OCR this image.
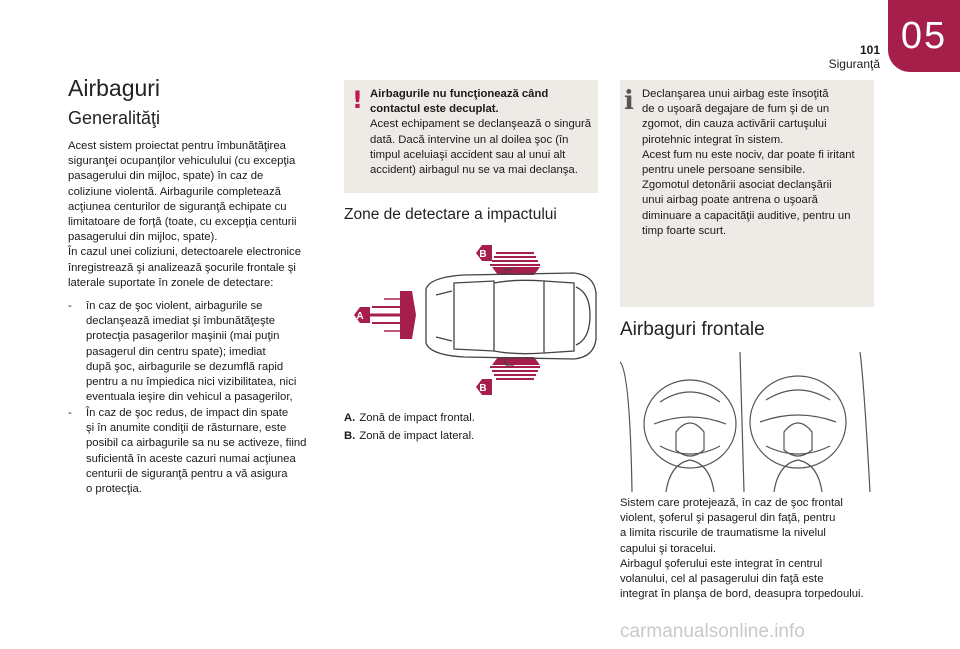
101
Siguranţă
05
Airbaguri
Generalităţi
Acest sistem proiectat pentru îmbunătăţirea
siguranţei ocupanţilor vehiculului (cu excepţia
pasagerului din mijloc, spate) în caz de
coliziune violentă. Airbagurile completează
acţiunea centurilor de siguranţă echipate cu
limitatoare de forţă (toate, cu excepţia centurii
pasagerului din mijloc, spate).
În cazul unei coliziuni, detectoarele electronice
înregistrează şi analizează şocurile frontale şi
laterale suportate în zonele de detectare:
- în caz de şoc violent, airbagurile se
declanşează imediat şi îmbunătăţeşte
protecţia pasagerilor maşinii (mai puţin
pasagerul din centru spate); imediat
după şoc, airbagurile se dezumflă rapid
pentru a nu împiedica nici vizibilitatea, nici
eventuala ieşire din vehicul a pasagerilor,
- În caz de şoc redus, de impact din spate
şi în anumite condiţii de răsturnare, este
posibil ca airbagurile sa nu se activeze, fiind
suficientă în aceste cazuri numai acţiunea
centurii de siguranţă pentru a vă asigura
o protecţia.
! Airbagurile nu funcţionează când
contactul este decuplat.
Acest echipament se declanşează o singură
dată. Dacă intervine un al doilea şoc (în
timpul aceluiaşi accident sau al unui alt
accident) airbagul nu se va mai declanşa.
Zone de detectare a impactului
A
B
B
A. Zonă de impact frontal.
B. Zonă de impact lateral.
i Declanşarea unui airbag este însoţită
de o uşoară degajare de fum şi de un
zgomot, din cauza activării cartuşului
pirotehnic integrat în sistem.
Acest fum nu este nociv, dar poate fi iritant
pentru unele persoane sensibile.
Zgomotul detonării asociat declanşării
unui airbag poate antrena o uşoară
diminuare a capacităţii auditive, pentru un
timp foarte scurt.
Airbaguri frontale
Sistem care protejează, în caz de şoc frontal
violent, şoferul şi pasagerul din faţă, pentru
a limita riscurile de traumatisme la nivelul
capului şi toracelui.
Airbagul şoferului este integrat în centrul
volanului, cel al pasagerului din faţă este
integrat în planşa de bord, deasupra torpedoului.
carmanualsonline.info
